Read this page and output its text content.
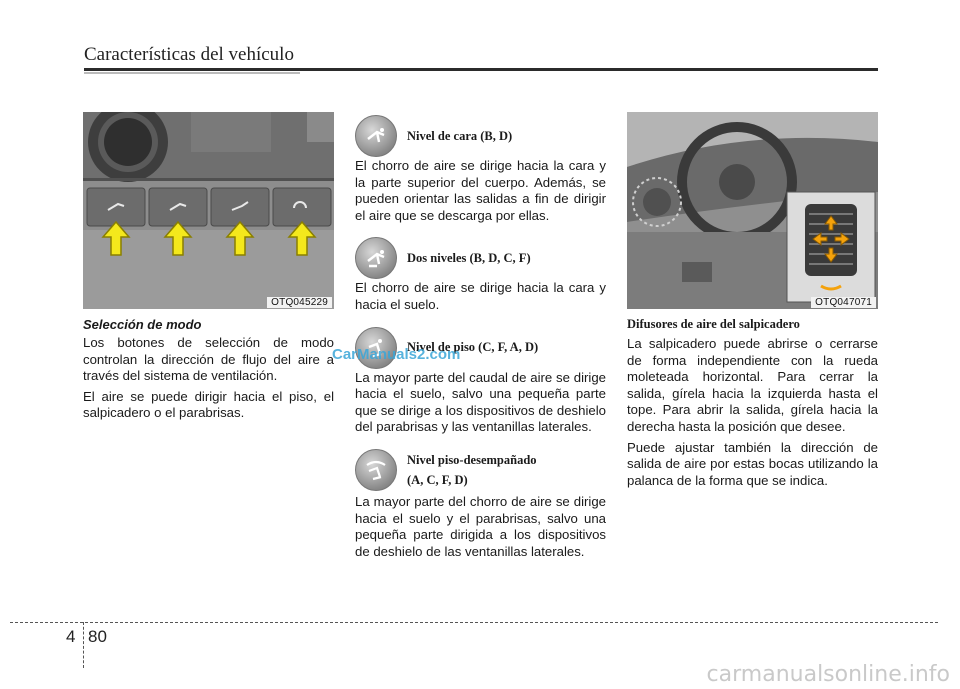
Características del vehículo
OTQ045229
Selección de modo

Los botones de selección de modo controlan la dirección de flujo del aire a través del sistema de ventilación.

El aire se puede dirigir hacia el piso, el salpicadero o el parabrisas.

Nivel de cara (B, D)

El chorro de aire se dirige hacia la cara y la parte superior del cuerpo. Además, se pueden orientar las salidas a fin de dirigir el aire que se descarga por ellas.

Dos niveles (B, D, C, F)

El chorro de aire se dirige hacia la cara y hacia el suelo.

Nivel de piso (C, F, A, D)

La mayor parte del caudal de aire se dirige hacia el suelo, salvo una pequeña parte que se dirige a los dispositivos de deshielo del parabrisas y las ventanillas laterales.

Nivel piso-desempañado
(A, C, F, D)

La mayor parte del chorro de aire se dirige hacia el suelo y el parabrisas, salvo una pequeña parte dirigida a los dispositivos de deshielo de las ventanillas laterales.

OTQ047071
Difusores de aire del salpicadero

La salpicadero puede abrirse o cerrarse de forma independiente con la rueda moleteada horizontal. Para cerrar la salida, gírela hacia la izquierda hasta el tope. Para abrir la salida, gírela hacia la derecha hasta la posición que desee.

Puede ajustar también la dirección de salida de aire por estas bocas utilizando la palanca de la forma que se indica.

CarManuals2.com
4 80
carmanualsonline.info
